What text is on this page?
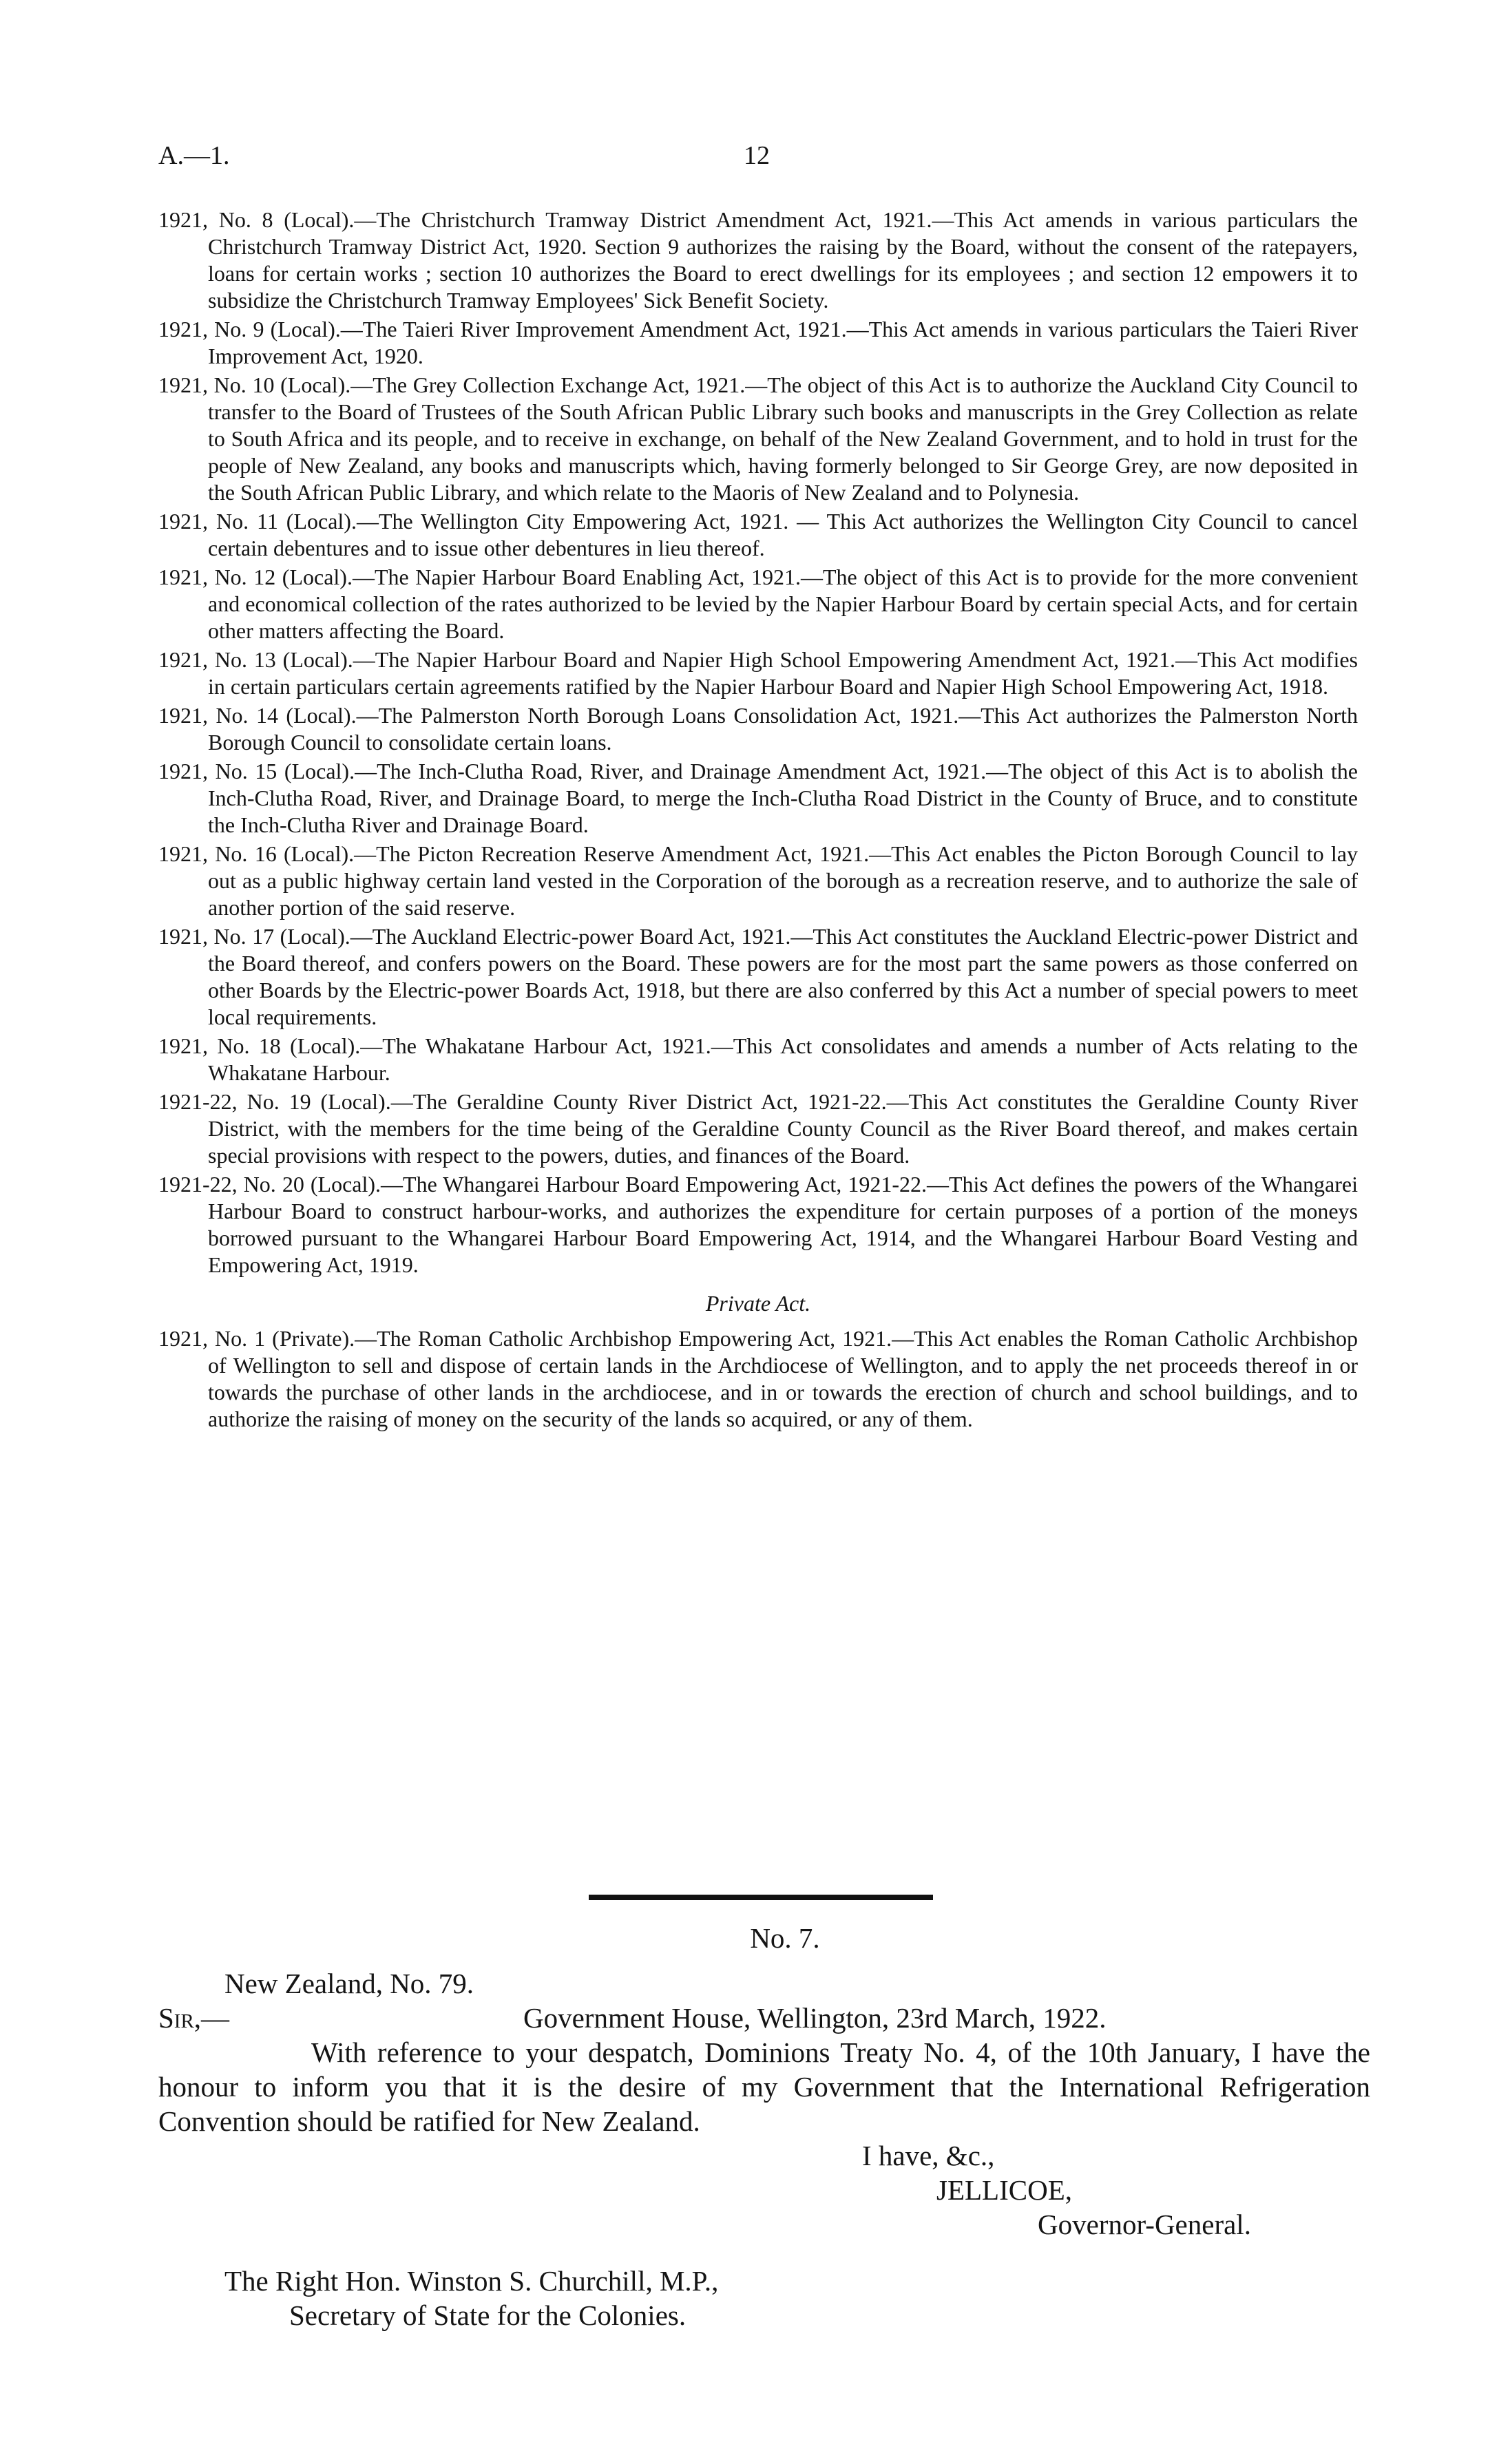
A.—1.	12

1921, No. 8 (Local).—The Christchurch Tramway District Amendment Act, 1921.—This Act amends in various particulars the Christchurch Tramway District Act, 1920. Section 9 authorizes the raising by the Board, without the consent of the ratepayers, loans for certain works ; section 10 authorizes the Board to erect dwellings for its employees ; and section 12 empowers it to subsidize the Christchurch Tramway Employees' Sick Benefit Society.

1921, No. 9 (Local).—The Taieri River Improvement Amendment Act, 1921.—This Act amends in various particulars the Taieri River Improvement Act, 1920.

1921, No. 10 (Local).—The Grey Collection Exchange Act, 1921.—The object of this Act is to authorize the Auckland City Council to transfer to the Board of Trustees of the South African Public Library such books and manuscripts in the Grey Collection as relate to South Africa and its people, and to receive in exchange, on behalf of the New Zealand Government, and to hold in trust for the people of New Zealand, any books and manuscripts which, having formerly belonged to Sir George Grey, are now deposited in the South African Public Library, and which relate to the Maoris of New Zealand and to Polynesia.

1921, No. 11 (Local).—The Wellington City Empowering Act, 1921. — This Act authorizes the Wellington City Council to cancel certain debentures and to issue other debentures in lieu thereof.

1921, No. 12 (Local).—The Napier Harbour Board Enabling Act, 1921.—The object of this Act is to provide for the more convenient and economical collection of the rates authorized to be levied by the Napier Harbour Board by certain special Acts, and for certain other matters affecting the Board.

1921, No. 13 (Local).—The Napier Harbour Board and Napier High School Empowering Amendment Act, 1921.—This Act modifies in certain particulars certain agreements ratified by the Napier Harbour Board and Napier High School Empowering Act, 1918.

1921, No. 14 (Local).—The Palmerston North Borough Loans Consolidation Act, 1921.—This Act authorizes the Palmerston North Borough Council to consolidate certain loans.

1921, No. 15 (Local).—The Inch-Clutha Road, River, and Drainage Amendment Act, 1921.—The object of this Act is to abolish the Inch-Clutha Road, River, and Drainage Board, to merge the Inch-Clutha Road District in the County of Bruce, and to constitute the Inch-Clutha River and Drainage Board.

1921, No. 16 (Local).—The Picton Recreation Reserve Amendment Act, 1921.—This Act enables the Picton Borough Council to lay out as a public highway certain land vested in the Corporation of the borough as a recreation reserve, and to authorize the sale of another portion of the said reserve.

1921, No. 17 (Local).—The Auckland Electric-power Board Act, 1921.—This Act constitutes the Auckland Electric-power District and the Board thereof, and confers powers on the Board. These powers are for the most part the same powers as those conferred on other Boards by the Electric-power Boards Act, 1918, but there are also conferred by this Act a number of special powers to meet local requirements.

1921, No. 18 (Local).—The Whakatane Harbour Act, 1921.—This Act consolidates and amends a number of Acts relating to the Whakatane Harbour.

1921-22, No. 19 (Local).—The Geraldine County River District Act, 1921-22.—This Act constitutes the Geraldine County River District, with the members for the time being of the Geraldine County Council as the River Board thereof, and makes certain special provisions with respect to the powers, duties, and finances of the Board.

1921-22, No. 20 (Local).—The Whangarei Harbour Board Empowering Act, 1921-22.—This Act defines the powers of the Whangarei Harbour Board to construct harbour-works, and authorizes the expenditure for certain purposes of a portion of the moneys borrowed pursuant to the Whangarei Harbour Board Empowering Act, 1914, and the Whangarei Harbour Board Vesting and Empowering Act, 1919.

Private Act.

1921, No. 1 (Private).—The Roman Catholic Archbishop Empowering Act, 1921.—This Act enables the Roman Catholic Archbishop of Wellington to sell and dispose of certain lands in the Archdiocese of Wellington, and to apply the net proceeds thereof in or towards the purchase of other lands in the archdiocese, and in or towards the erection of church and school buildings, and to authorize the raising of money on the security of the lands so acquired, or any of them.

No. 7.

New Zealand, No. 79.

Sir,—	Government House, Wellington, 23rd March, 1922.

With reference to your despatch, Dominions Treaty No. 4, of the 10th January, I have the honour to inform you that it is the desire of my Government that the International Refrigeration Convention should be ratified for New Zealand.

I have, &c.,

JELLICOE,

Governor-General.

The Right Hon. Winston S. Churchill, M.P.,

Secretary of State for the Colonies.
